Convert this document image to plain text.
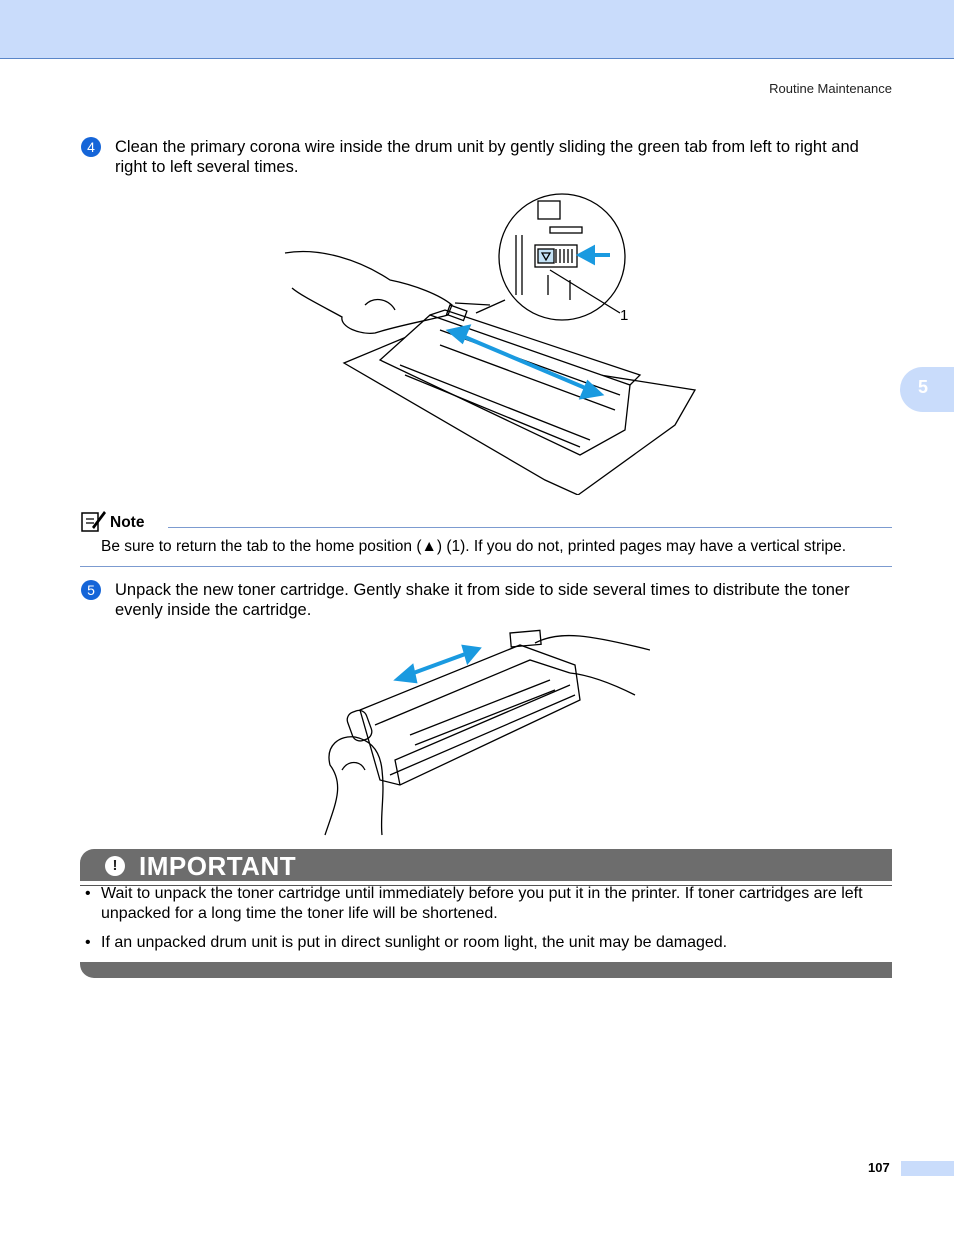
Routine Maintenance
5
4	Clean the primary corona wire inside the drum unit by gently sliding the green tab from left to right and right to left several times.
1
Note
Be sure to return the tab to the home position (▲) (1). If you do not, printed pages may have a vertical stripe.
5	Unpack the new toner cartridge. Gently shake it from side to side several times to distribute the toner evenly inside the cartridge.
! IMPORTANT
• Wait to unpack the toner cartridge until immediately before you put it in the printer. If toner cartridges are left unpacked for a long time the toner life will be shortened.
• If an unpacked drum unit is put in direct sunlight or room light, the unit may be damaged.
107
